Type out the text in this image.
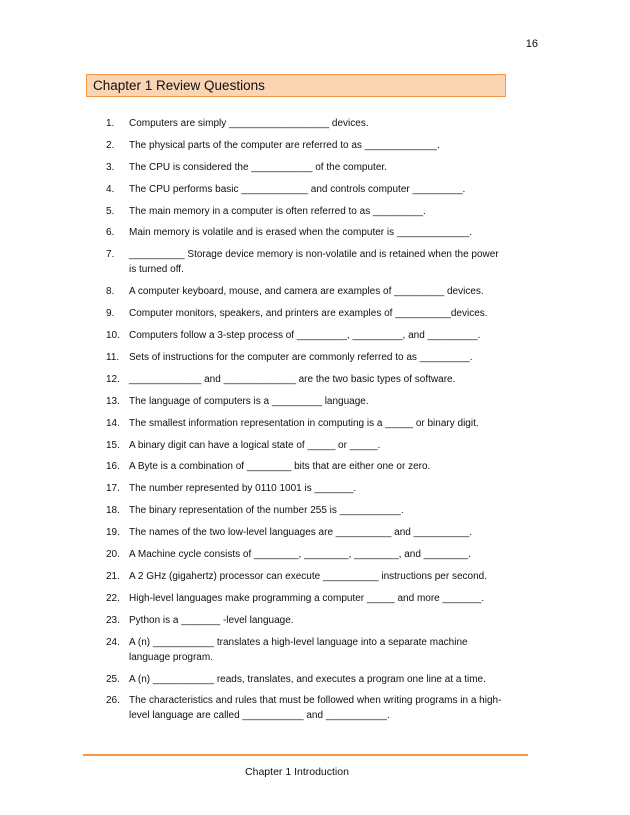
16
Chapter 1 Review Questions
1.	Computers are simply __________________ devices.
2.	The physical parts of the computer are referred to as _____________.
3.	The CPU is considered the ___________ of the computer.
4.	The CPU performs basic ____________ and controls computer _________.
5.	The main memory in a computer is often referred to as _________.
6.	Main memory is volatile and is erased when the computer is _____________.
7.	__________ Storage device memory is non-volatile and is retained when the power is turned off.
8.	A computer keyboard, mouse, and camera are examples of _________ devices.
9.	Computer monitors, speakers, and printers are examples of __________devices.
10. Computers follow a 3-step process of _________, _________, and _________.
11. Sets of instructions for the computer are commonly referred to as _________.
12. _____________ and _____________ are the two basic types of software.
13. The language of computers is a _________ language.
14. The smallest information representation in computing is a _____ or binary digit.
15. A binary digit can have a logical state of _____ or _____.
16. A Byte is a combination of ________ bits that are either one or zero.
17. The number represented by 0110 1001 is _______.
18. The binary representation of the number 255 is ___________.
19. The names of the two low-level languages are __________ and __________.
20. A Machine cycle consists of ________, ________, ________, and ________.
21. A 2 GHz (gigahertz) processor can execute __________ instructions per second.
22. High-level languages make programming a computer _____ and more _______.
23. Python is a _______ -level language.
24. A (n) ___________ translates a high-level language into a separate machine language program.
25. A (n) ___________ reads, translates, and executes a program one line at a time.
26. The characteristics and rules that must be followed when writing programs in a high-level language are called ___________ and ___________.
Chapter 1 Introduction
